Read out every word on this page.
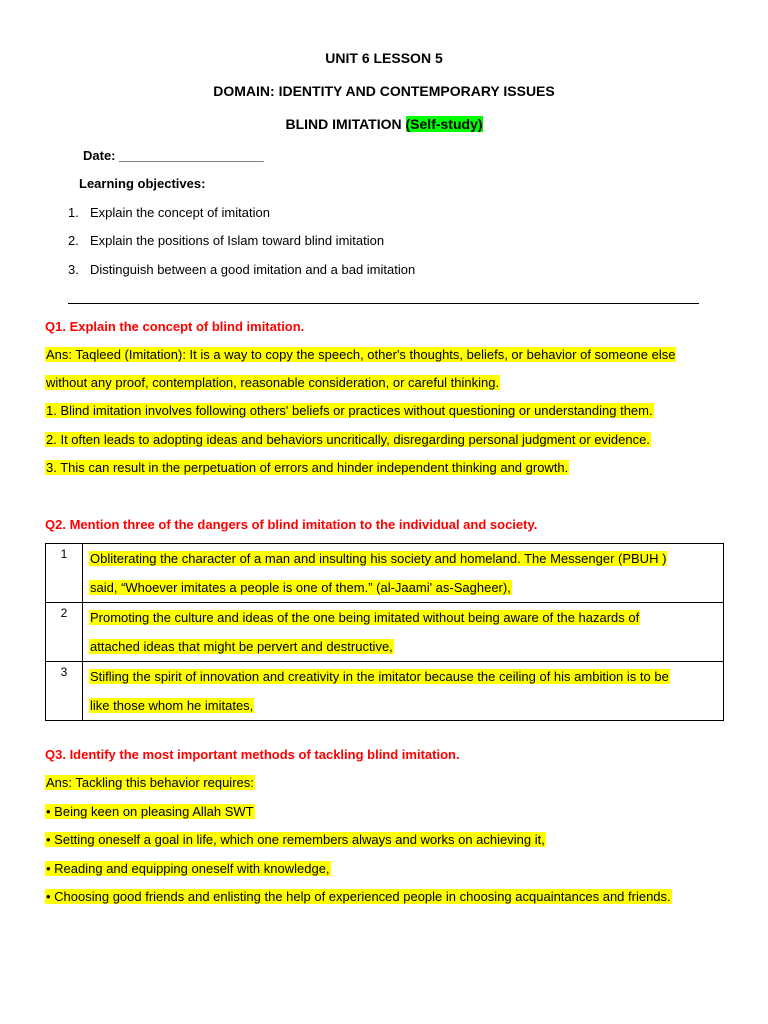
UNIT 6 LESSON 5
DOMAIN: IDENTITY AND CONTEMPORARY ISSUES
BLIND IMITATION (Self-study)
Date: ____________________
Learning objectives:
1. Explain the concept of imitation
2. Explain the positions of Islam toward blind imitation
3. Distinguish between a good imitation and a bad imitation
Q1. Explain the concept of blind imitation.
Ans: Taqleed (Imitation): It is a way to copy the speech, other's thoughts, beliefs, or behavior of someone else
without any proof, contemplation, reasonable consideration, or careful thinking.
1. Blind imitation involves following others' beliefs or practices without questioning or understanding them.
2. It often leads to adopting ideas and behaviors uncritically, disregarding personal judgment or evidence.
3. This can result in the perpetuation of errors and hinder independent thinking and growth.
Q2. Mention three of the dangers of blind imitation to the individual and society.
1	Obliterating the character of a man and insulting his society and homeland. The Messenger (PBUH )
said, “Whoever imitates a people is one of them.” (al-Jaami' as-Sagheer),
2	Promoting the culture and ideas of the one being imitated without being aware of the hazards of
attached ideas that might be pervert and destructive,
3	Stifling the spirit of innovation and creativity in the imitator because the ceiling of his ambition is to be
like those whom he imitates,
Q3. Identify the most important methods of tackling blind imitation.
Ans: Tackling this behavior requires:
• Being keen on pleasing Allah SWT
• Setting oneself a goal in life, which one remembers always and works on achieving it,
• Reading and equipping oneself with knowledge,
• Choosing good friends and enlisting the help of experienced people in choosing acquaintances and friends.
